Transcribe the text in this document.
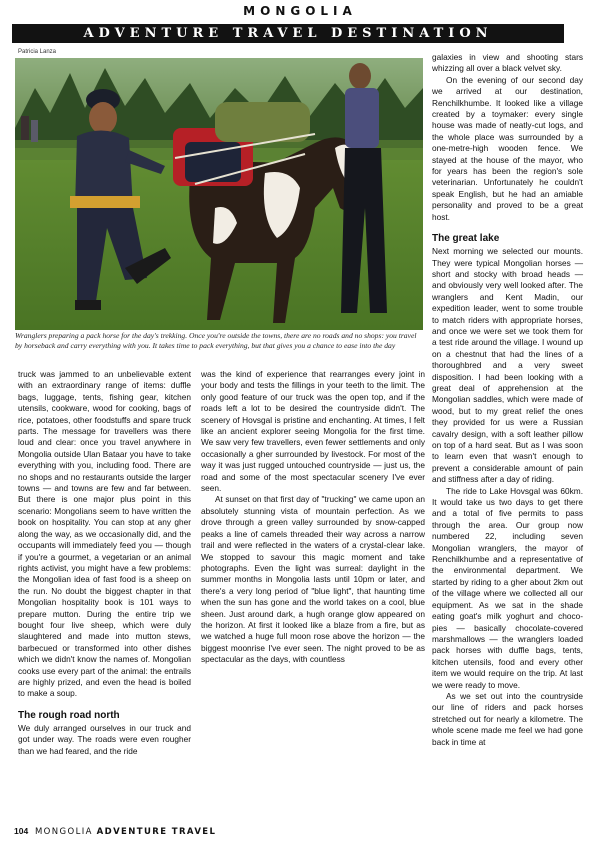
MONGOLIA
ADVENTURE TRAVEL DESTINATION
Patricia Lanza
Wranglers preparing a pack horse for the day's trekking. Once you're outside the towns, there are no roads and no shops: you travel by horseback and carry everything with you. It takes time to pack everything, but that gives you a chance to ease into the day

truck was jammed to an unbelievable extent with an extraordinary range of items: duffle bags, luggage, tents, fishing gear, kitchen utensils, cookware, wood for cooking, bags of rice, potatoes, other foodstuffs and spare truck parts. The message for travellers was there loud and clear: once you travel anywhere in Mongolia outside Ulan Bataar you have to take everything with you, including food. There are no shops and no restaurants outside the larger towns — and towns are few and far between. But there is one major plus point in this scenario: Mongolians seem to have written the book on hospitality. You can stop at any gher along the way, as we occasionally did, and the occupants will immediately feed you — though if you're a gourmet, a vegetarian or an animal rights activist, you might have a few problems: the Mongolian idea of fast food is a sheep on the run. No doubt the biggest chapter in that Mongolian hospitality book is 101 ways to prepare mutton. During the entire trip we bought four live sheep, which were duly slaughtered and made into mutton stews, barbecued or transformed into other dishes which we didn't know the names of. Mongolian cooks use every part of the animal: the entrails are highly prized, and even the head is boiled to make a soup.

The rough road north

We duly arranged ourselves in our truck and got under way. The roads were even rougher than we had feared, and the ride

was the kind of experience that rearranges every joint in your body and tests the fillings in your teeth to the limit. The only good feature of our truck was the open top, and if the roads left a lot to be desired the countryside didn't. The scenery of Hovsgal is pristine and enchanting. At times, I felt like an ancient explorer seeing Mongolia for the first time. We saw very few travellers, even fewer settlements and only occasionally a gher surrounded by livestock. For most of the way it was just rugged untouched countryside — just us, the road and some of the most spectacular scenery I've ever seen.

At sunset on that first day of "trucking" we came upon an absolutely stunning vista of mountain perfection. As we drove through a green valley surrounded by snow-capped peaks a line of camels threaded their way across a narrow trail and were reflected in the waters of a crystal-clear lake. We stopped to savour this magic moment and take photographs. Even the light was surreal: daylight in the summer months in Mongolia lasts until 10pm or later, and there's a very long period of "blue light", that haunting time when the sun has gone and the world takes on a cool, blue sheen. Just around dark, a hugh orange glow appeared on the horizon. At first it looked like a blaze from a fire, but as we watched a huge full moon rose above the horizon — the biggest moonrise I've ever seen. The night proved to be as spectacular as the days, with countless

galaxies in view and shooting stars whizzing all over a black velvet sky.

On the evening of our second day we arrived at our destination, Renchilkhumbe. It looked like a village created by a toymaker: every single house was made of neatly-cut logs, and the whole place was surrounded by a one-metre-high wooden fence. We stayed at the house of the mayor, who for years has been the region's sole veterinarian. Unfortunately he couldn't speak English, but he had an amiable personality and proved to be a great host.

The great lake

Next morning we selected our mounts. They were typical Mongolian horses — short and stocky with broad heads — and obviously very well looked after. The wranglers and Kent Madin, our expedition leader, went to some trouble to match riders with appropriate horses, and once we were set we took them for a test ride around the village. I wound up on a chestnut that had the lines of a thoroughbred and a very sweet disposition. I had been looking with a great deal of apprehension at the Mongolian saddles, which were made of wood, but to my great relief the ones they provided for us were a Russian cavalry design, with a soft leather pillow on top of a hard seat. But as I was soon to learn even that wasn't enough to prevent a considerable amount of pain and stiffness after a day of riding.

The ride to Lake Hovsgal was 60km. It would take us two days to get there and a total of five permits to pass through the area. Our group now numbered 22, including seven Mongolian wranglers, the mayor of Renchilkhumbe and a representative of the environmental department. We started by riding to a gher about 2km out of the village where we collected all our equipment. As we sat in the shade eating goat's milk yoghurt and choco-pies — basically chocolate-covered marshmallows — the wranglers loaded pack horses with duffle bags, tents, kitchen utensils, food and every other item we would require on the trip. At last we were ready to move.

As we set out into the countryside our line of riders and pack horses stretched out for nearly a kilometre. The whole scene made me feel we had gone back in time at

104 MONGOLIA ADVENTURE TRAVEL
